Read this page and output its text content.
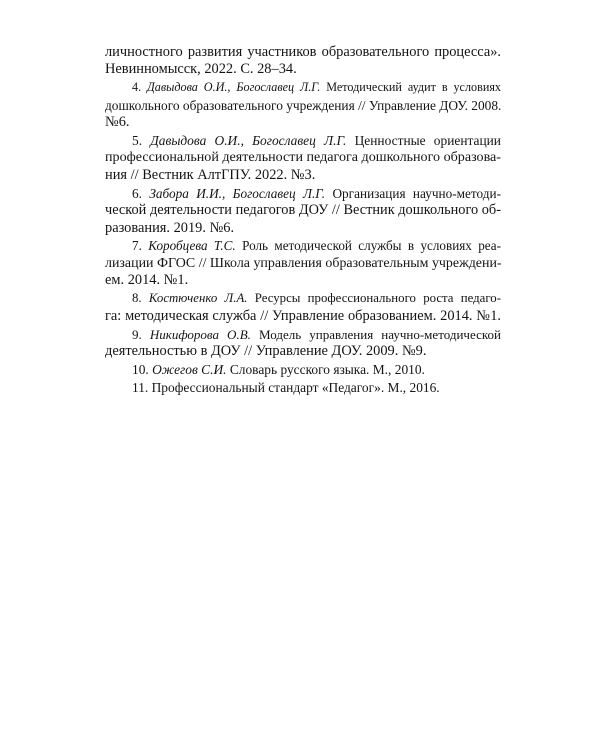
личностного развития участников образовательного процесса».
Невинномысск, 2022. С. 28–34.
4. Давыдова О.И., Богославец Л.Г. Методический аудит в условиях
дошкольного образовательного учреждения // Управление ДОУ. 2008.
№6.
5. Давыдова О.И., Богославец Л.Г. Ценностные ориентации
профессиональной деятельности педагога дошкольного образова-
ния // Вестник АлтГПУ. 2022. №3.
6. Забора И.И., Богославец Л.Г. Организация научно-методи-
ческой деятельности педагогов ДОУ // Вестник дошкольного об-
разования. 2019. №6.
7. Коробцева Т.С. Роль методической службы в условиях реа-
лизации ФГОС // Школа управления образовательным учреждени-
ем. 2014. №1.
8. Костюченко Л.А. Ресурсы профессионального роста педаго-
га: методическая служба // Управление образованием. 2014. №1.
9. Никифорова О.В. Модель управления научно-методической
деятельностью в ДОУ // Управление ДОУ. 2009. №9.
10. Ожегов С.И. Словарь русского языка. М., 2010.
11. Профессиональный стандарт «Педагог». М., 2016.
